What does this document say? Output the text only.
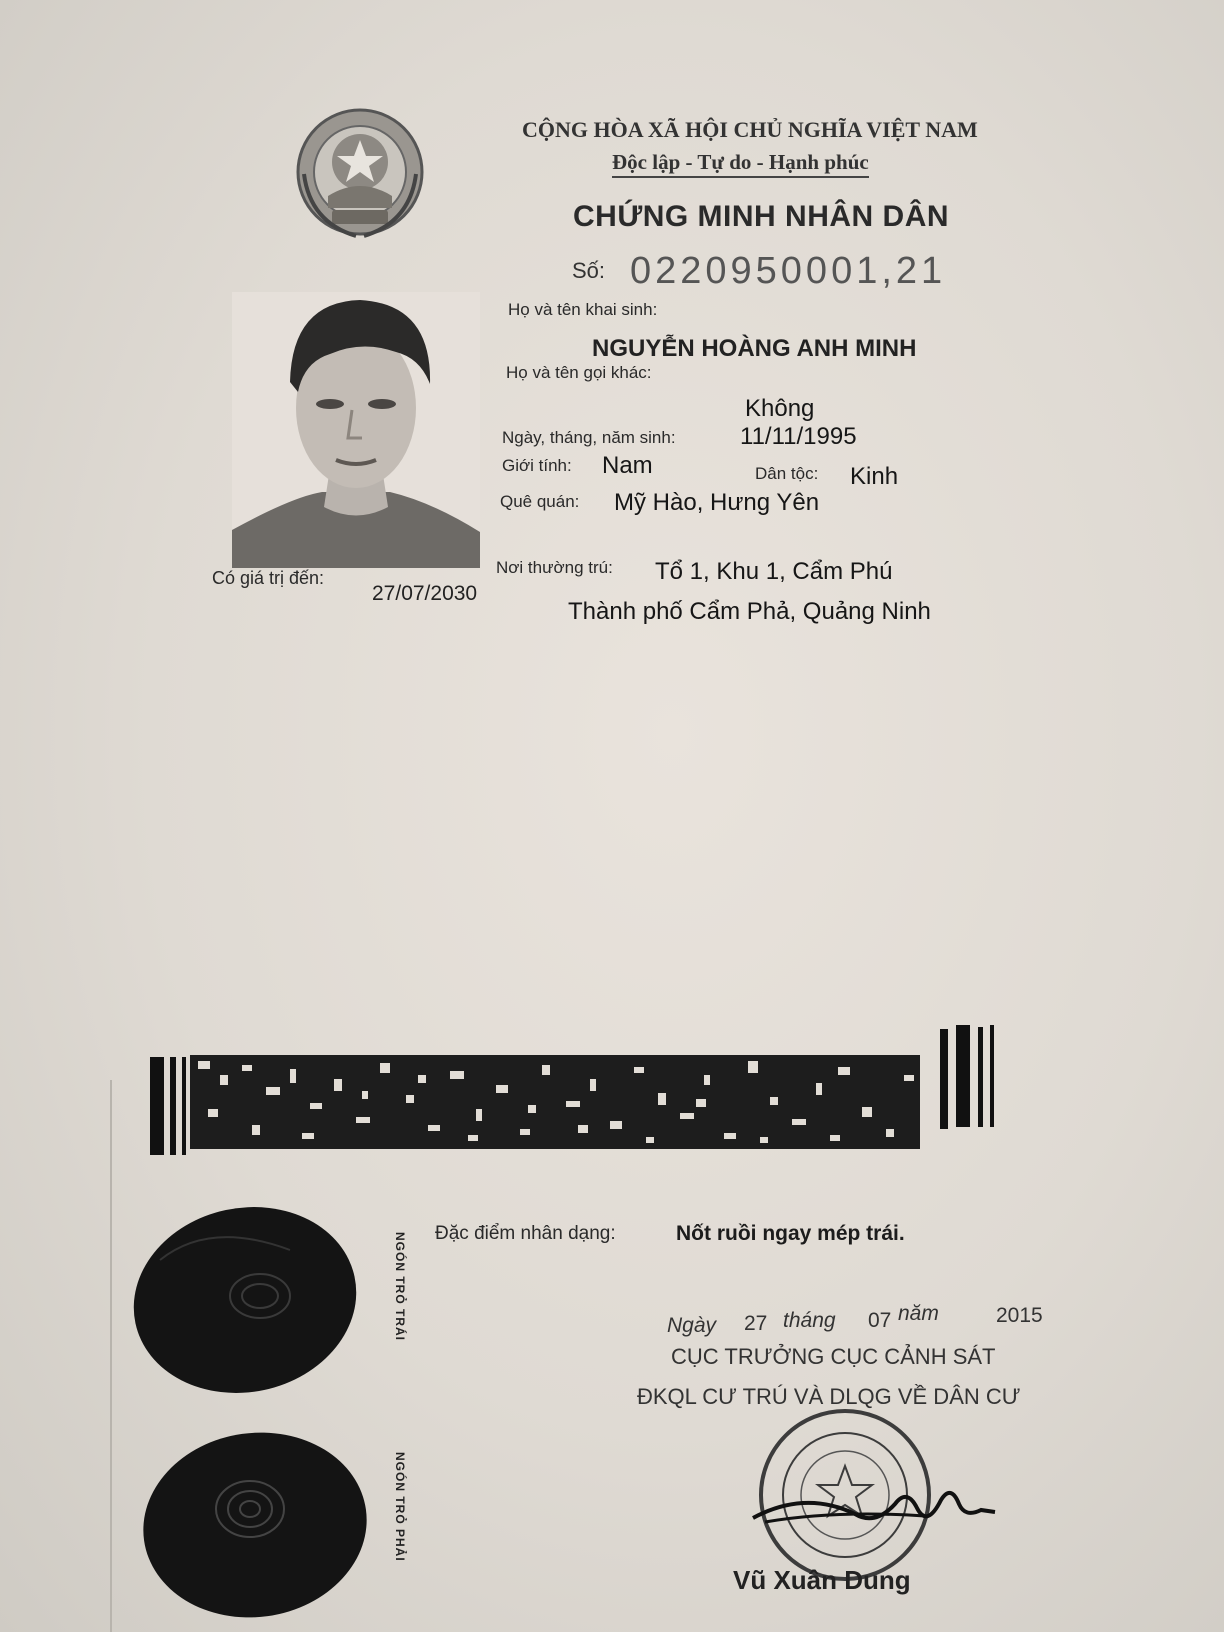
CỘNG HÒA XÃ HỘI CHỦ NGHĨA VIỆT NAM
Độc lập - Tự do - Hạnh phúc
CHỨNG MINH NHÂN DÂN
Số: 0220950001,21
Họ và tên khai sinh:
NGUYỄN HOÀNG ANH MINH
Họ và tên gọi khác:
Không
Ngày, tháng, năm sinh:	11/11/1995
Giới tính: Nam	Dân tộc: Kinh
Quê quán: Mỹ Hào, Hưng Yên
Nơi thường trú: Tổ 1, Khu 1, Cẩm Phú
Thành phố Cẩm Phả, Quảng Ninh
Có giá trị đến:
27/07/2030
NGÓN TRỎ TRÁI
NGÓN TRỎ PHẢI
Đặc điểm nhân dạng:	Nốt ruồi ngay mép trái.
Ngày 27 tháng 07 năm	2015
CỤC TRƯỞNG CỤC CẢNH SÁT
ĐKQL CƯ TRÚ VÀ DLQG VỀ DÂN CƯ
Vũ Xuân Dung
